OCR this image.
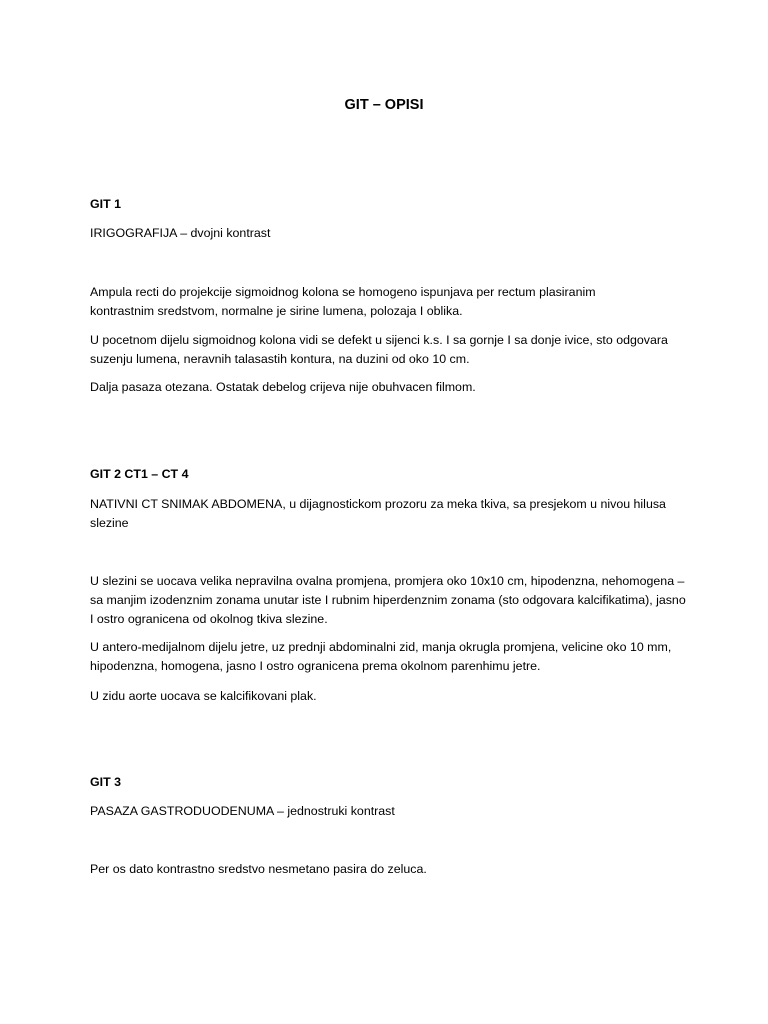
GIT – OPISI

GIT 1

IRIGOGRAFIJA – dvojni kontrast

Ampula recti do projekcije sigmoidnog kolona se homogeno ispunjava per rectum plasiranim kontrastnim sredstvom, normalne je sirine lumena, polozaja I oblika.

U pocetnom dijelu sigmoidnog kolona vidi se defekt u sijenci k.s. I sa gornje I sa donje ivice, sto odgovara suzenju lumena, neravnih talasastih kontura, na duzini od oko 10 cm.

Dalja pasaza otezana. Ostatak debelog crijeva nije obuhvacen filmom.

GIT 2 CT1 – CT 4

NATIVNI CT SNIMAK ABDOMENA, u dijagnostickom prozoru za meka tkiva, sa presjekom u nivou hilusa slezine

U slezini se uocava velika nepravilna ovalna promjena, promjera oko 10x10 cm, hipodenzna, nehomogena – sa manjim izodenznim zonama unutar iste I rubnim hiperdenznim zonama (sto odgovara kalcifikatima), jasno I ostro ogranicena od okolnog tkiva slezine.

U antero-medijalnom dijelu jetre, uz prednji abdominalni zid, manja okrugla promjena, velicine oko 10 mm, hipodenzna, homogena, jasno I ostro ogranicena prema okolnom parenhimu jetre.

U zidu aorte uocava se kalcifikovani plak.

GIT 3

PASAZA GASTRODUODENUMA – jednostruki kontrast

Per os dato kontrastno sredstvo nesmetano pasira do zeluca.
